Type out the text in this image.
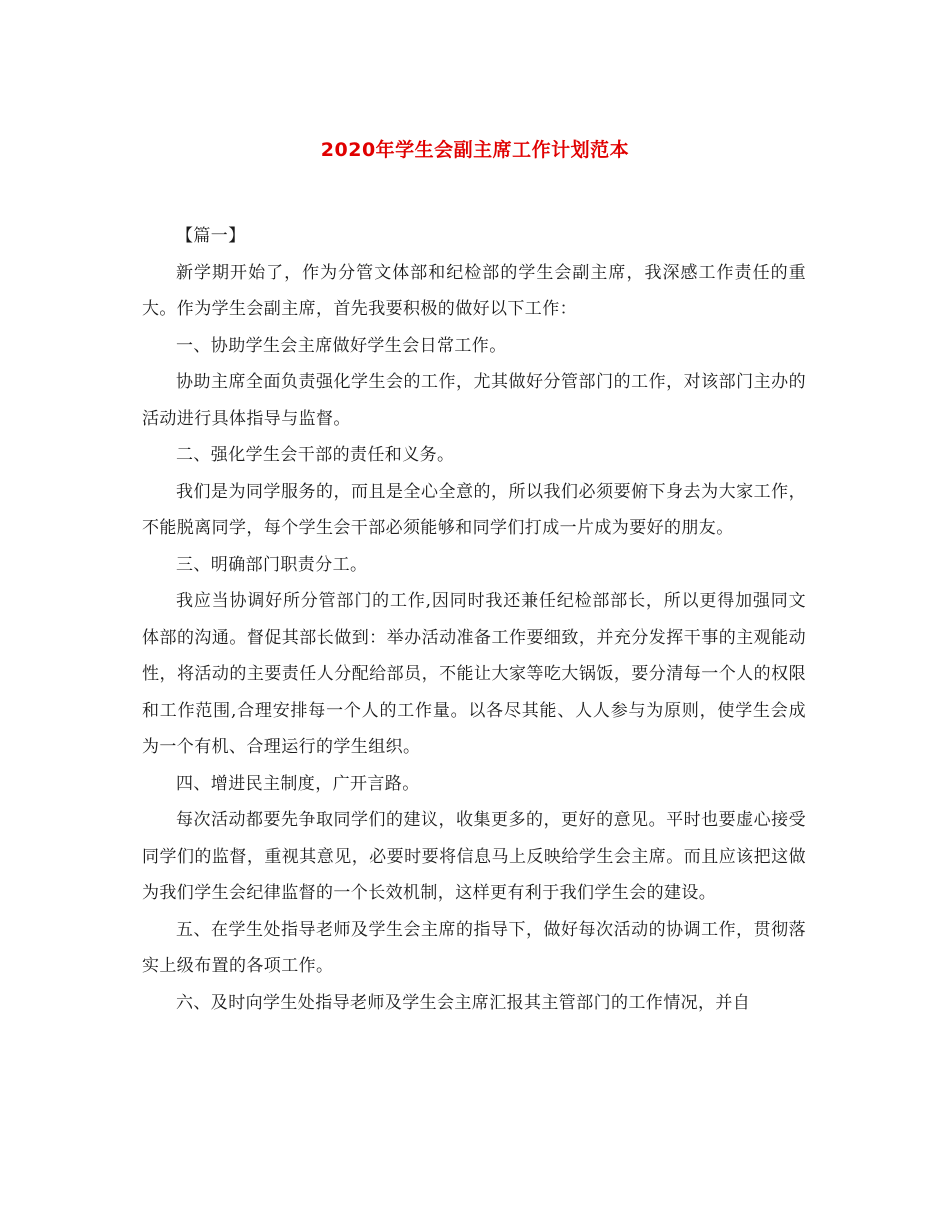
2020年学生会副主席工作计划范本

【篇一】

新学期开始了，作为分管文体部和纪检部的学生会副主席，我深感工作责任的重大。作为学生会副主席，首先我要积极的做好以下工作：

一、协助学生会主席做好学生会日常工作。

协助主席全面负责强化学生会的工作，尤其做好分管部门的工作，对该部门主办的活动进行具体指导与监督。

二、强化学生会干部的责任和义务。

我们是为同学服务的，而且是全心全意的，所以我们必须要俯下身去为大家工作，不能脱离同学，每个学生会干部必须能够和同学们打成一片成为要好的朋友。

三、明确部门职责分工。

我应当协调好所分管部门的工作,因同时我还兼任纪检部部长，所以更得加强同文体部的沟通。督促其部长做到：举办活动准备工作要细致，并充分发挥干事的主观能动性，将活动的主要责任人分配给部员，不能让大家等吃大锅饭，要分清每一个人的权限和工作范围,合理安排每一个人的工作量。以各尽其能、人人参与为原则，使学生会成为一个有机、合理运行的学生组织。

四、增进民主制度，广开言路。

每次活动都要先争取同学们的建议，收集更多的，更好的意见。平时也要虚心接受同学们的监督，重视其意见，必要时要将信息马上反映给学生会主席。而且应该把这做为我们学生会纪律监督的一个长效机制，这样更有利于我们学生会的建设。

五、在学生处指导老师及学生会主席的指导下，做好每次活动的协调工作，贯彻落实上级布置的各项工作。

六、及时向学生处指导老师及学生会主席汇报其主管部门的工作情况，并自
